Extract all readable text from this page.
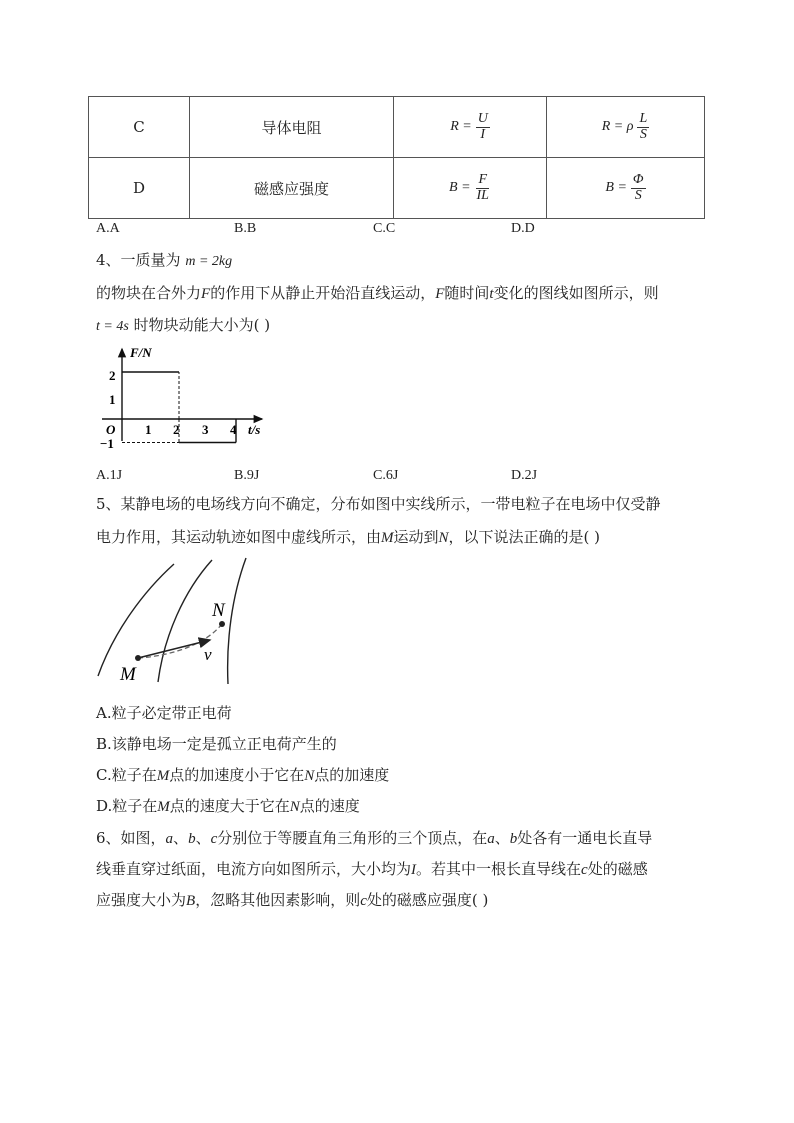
C	导体电阻	$R = \frac{U}{I}$	R = ρ $\frac{L}{S}$

D	磁感应强度	$B = \frac{F}{IL}$	$B = \frac{\Phi}{S}$
A.A	B.B	C.C	D.D
4、一质量为 m = 2kg
的物块在合外力F的作用下从静止开始沿直线运动，F随时间t变化的图线如图所示，则
t = 4s 时物块动能大小为( )
F/N
t/s
O 1 2 3 4
2
1
−1
A.1J	B.9J	C.6J	D.2J
5、某静电场的电场线方向不确定，分布如图中实线所示，一带电粒子在电场中仅受静
电力作用，其运动轨迹如图中虚线所示，由M运动到N，以下说法正确的是( )
M
N
v
A.粒子必定带正电荷
B.该静电场一定是孤立正电荷产生的
C.粒子在M点的加速度小于它在N点的加速度
D.粒子在M点的速度大于它在N点的速度
6、如图，a、b、c分别位于等腰直角三角形的三个顶点，在a、b处各有一通电长直导
线垂直穿过纸面，电流方向如图所示，大小均为I。若其中一根长直导线在c处的磁感
应强度大小为B，忽略其他因素影响，则c处的磁感应强度( )
